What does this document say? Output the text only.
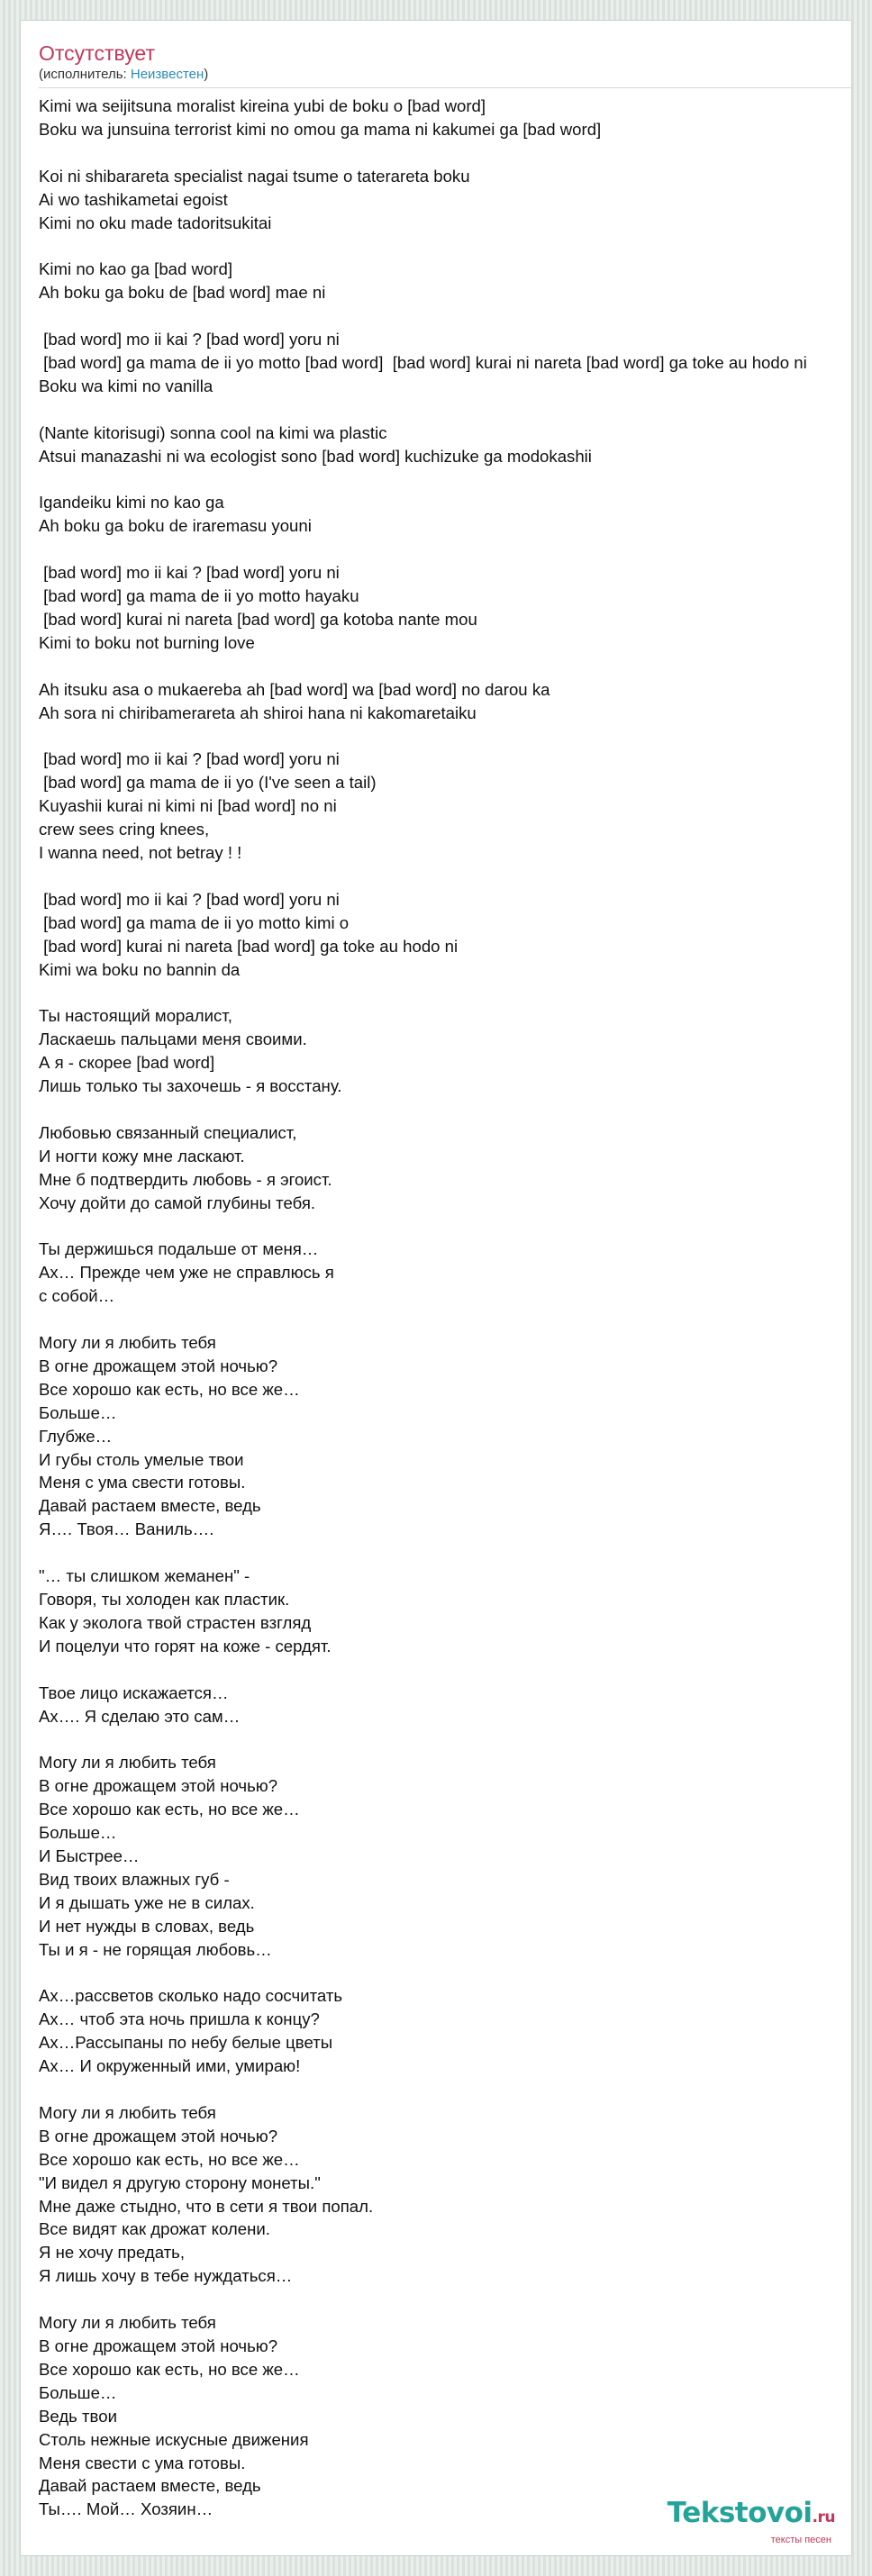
Отсутствует
(исполнитель: Неизвестен)
Kimi wa seijitsuna moralist kireina yubi de boku o [bad word]
Boku wa junsuina terrorist kimi no omou ga mama ni kakumei ga [bad word]

Koi ni shibarareta specialist nagai tsume o taterareta boku
Ai wo tashikametai egoist
Kimi no oku made tadoritsukitai

Kimi no kao ga [bad word]
Ah boku ga boku de [bad word] mae ni

[bad word] mo ii kai ? [bad word] yoru ni
[bad word] ga mama de ii yo motto [bad word]  [bad word] kurai ni nareta [bad word] ga toke au hodo ni
Boku wa kimi no vanilla

(Nante kitorisugi) sonna cool na kimi wa plastic
Atsui manazashi ni wa ecologist sono [bad word] kuchizuke ga modokashii

Igandeiku kimi no kao ga
Ah boku ga boku de iraremasu youni

[bad word] mo ii kai ? [bad word] yoru ni
[bad word] ga mama de ii yo motto hayaku
[bad word] kurai ni nareta [bad word] ga kotoba nante mou
Kimi to boku not burning love

Ah itsuku asa o mukaereba ah [bad word] wa [bad word] no darou ka
Ah sora ni chiribamerareta ah shiroi hana ni kakomaretaiku

[bad word] mo ii kai ? [bad word] yoru ni
[bad word] ga mama de ii yo (I've seen a tail)
Kuyashii kurai ni kimi ni [bad word] no ni
crew sees cring knees,
I wanna need, not betray ! !

[bad word] mo ii kai ? [bad word] yoru ni
[bad word] ga mama de ii yo motto kimi o
[bad word] kurai ni nareta [bad word] ga toke au hodo ni
Kimi wa boku no bannin da

Ты настоящий моралист,
Ласкаешь пальцами меня своими.
А я - скорее [bad word]
Лишь только ты захочешь - я восстану.

Любовью связанный специалист,
И ногти кожу мне ласкают.
Мне б подтвердить любовь - я эгоист.
Хочу дойти до самой глубины тебя.

Ты держишься подальше от меня…
Ах… Прежде чем уже не справлюсь я
с собой…

Могу ли я любить тебя
В огне дрожащем этой ночью?
Все хорошо как есть, но все же…
Больше…
Глубже…
И губы столь умелые твои
Меня с ума свести готовы.
Давай растаем вместе, ведь
Я…. Твоя… Ваниль….

"… ты слишком жеманен" -
Говоря, ты холоден как пластик.
Как у эколога твой страстен взгляд
И поцелуи что горят на коже - сердят.

Твое лицо искажается…
Ах…. Я сделаю это сам…

Могу ли я любить тебя
В огне дрожащем этой ночью?
Все хорошо как есть, но все же…
Больше…
И Быстрее…
Вид твоих влажных губ -
И я дышать уже не в силах.
И нет нужды в словах, ведь
Ты и я - не горящая любовь…

Ах…рассветов сколько надо сосчитать
Ах… чтоб эта ночь пришла к концу?
Ах…Рассыпаны по небу белые цветы
Ах… И окруженный ими, умираю!

Могу ли я любить тебя
В огне дрожащем этой ночью?
Все хорошо как есть, но все же…
"И видел я другую сторону монеты."
Мне даже стыдно, что в сети я твои попал.
Все видят как дрожат колени.
Я не хочу предать,
Я лишь хочу в тебе нуждаться…

Могу ли я любить тебя
В огне дрожащем этой ночью?
Все хорошо как есть, но все же…
Больше…
Ведь твои
Столь нежные искусные движения
Меня свести с ума готовы.
Давай растаем вместе, ведь
Ты…. Мой… Хозяин…	Tekstovoi.ru
тексты песен
